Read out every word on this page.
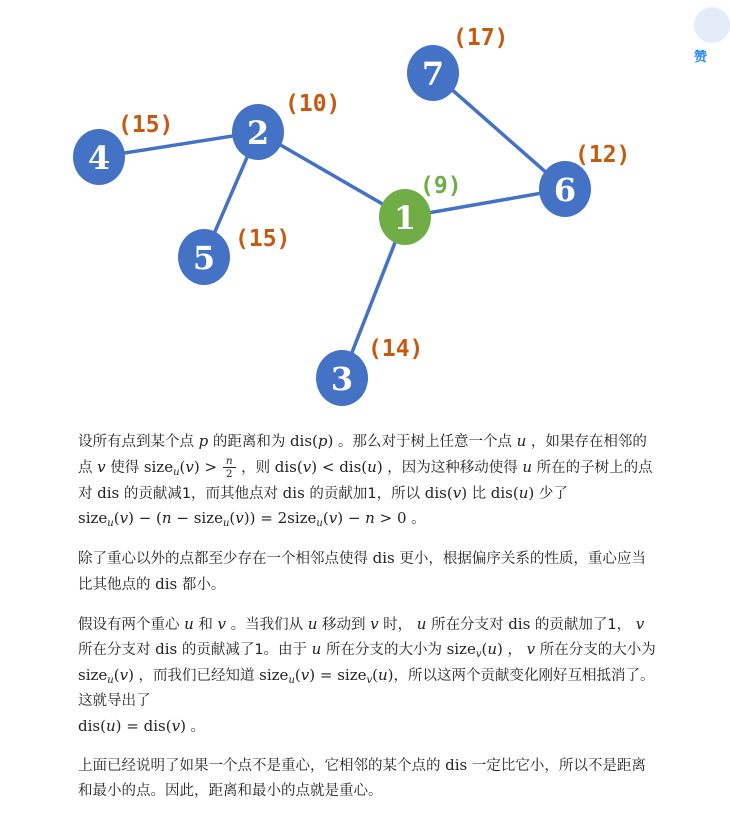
1
(9)
2
(10)
3
(14)
4
(15)
5 (15)
6
(12)
7
(17)
赞

设所有点到某个点 p 的距离和为 dis(p) 。那么对于树上任意一个点 u ，如果存在相邻的点 v 使得 size$_u$(v) > $\frac{n}{2}$ ，则 dis(v) < dis(u) ，因为这种移动使得 u 所在的子树上的点对 dis 的贡献减1，而其他点对 dis 的贡献加1，所以 dis(v) 比 dis(u) 少了
size$_u$(v) − (n − size$_u$(v)) = 2size$_u$(v) − n > 0 。

除了重心以外的点都至少存在一个相邻点使得 dis 更小，根据偏序关系的性质，重心应当比其他点的 dis 都小。

假设有两个重心 u 和 v 。当我们从 u 移动到 v 时， u 所在分支对 dis 的贡献加了1， v 所在分支对 dis 的贡献减了1。由于 u 所在分支的大小为 size$_v$(u) ， v 所在分支的大小为 size$_u$(v) ，而我们已经知道 size$_u$(v) = size$_v$(u)，所以这两个贡献变化刚好互相抵消了。这就导出了
dis(u) = dis(v) 。

上面已经说明了如果一个点不是重心，它相邻的某个点的 dis 一定比它小，所以不是距离和最小的点。因此，距离和最小的点就是重心。
